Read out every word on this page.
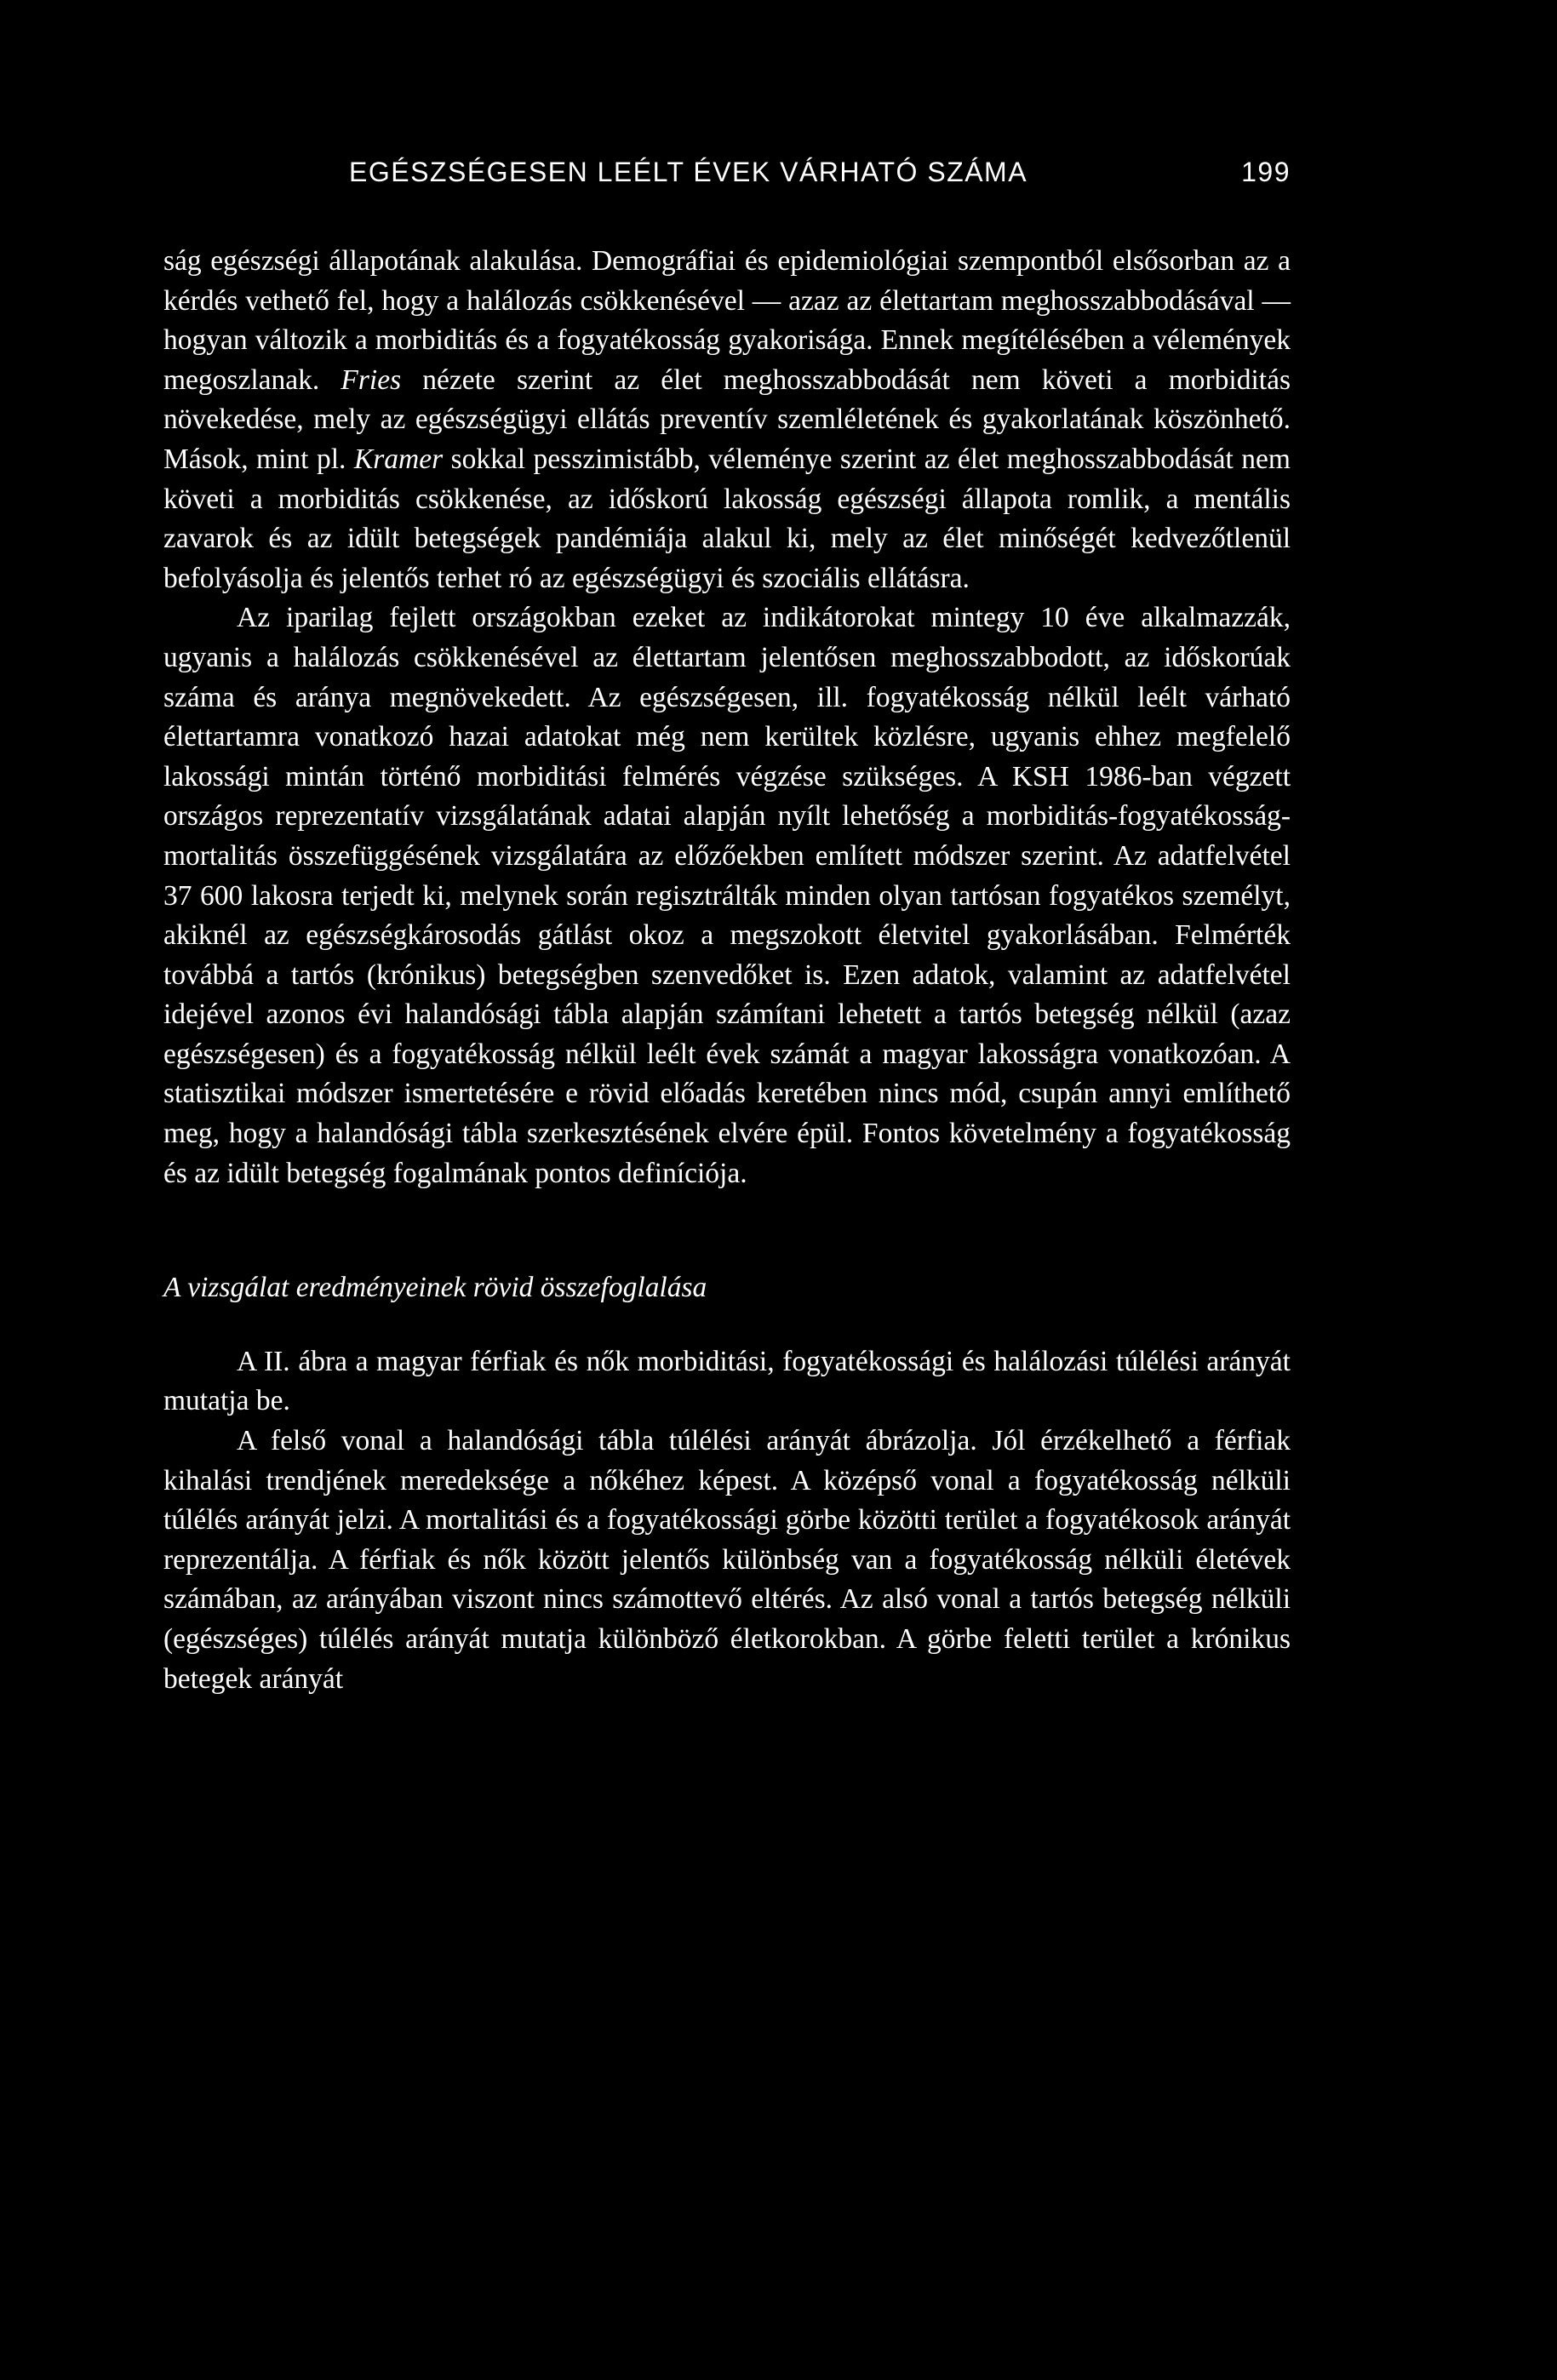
EGÉSZSÉGESEN LEÉLT ÉVEK VÁRHATÓ SZÁMA	199

ság egészségi állapotának alakulása. Demográfiai és epidemiológiai szempontból elsősorban az a kérdés vethető fel, hogy a halálozás csökkenésével — azaz az élettartam meghosszabbodásával — hogyan változik a morbiditás és a fogyatékosság gyakorisága. Ennek megítélésében a vélemények megoszlanak. Fries nézete szerint az élet meghosszabbodását nem követi a morbiditás növekedése, mely az egészségügyi ellátás preventív szemléletének és gyakorlatának köszönhető. Mások, mint pl. Kramer sokkal pesszimistább, véleménye szerint az élet meghosszabbodását nem követi a morbiditás csökkenése, az időskorú lakosság egészségi állapota romlik, a mentális zavarok és az idült betegségek pandémiája alakul ki, mely az élet minőségét kedvezőtlenül befolyásolja és jelentős terhet ró az egészségügyi és szociális ellátásra.

Az iparilag fejlett országokban ezeket az indikátorokat mintegy 10 éve alkalmazzák, ugyanis a halálozás csökkenésével az élettartam jelentősen meghosszabbodott, az időskorúak száma és aránya megnövekedett. Az egészségesen, ill. fogyatékosság nélkül leélt várható élettartamra vonatkozó hazai adatokat még nem kerültek közlésre, ugyanis ehhez megfelelő lakossági mintán történő morbiditási felmérés végzése szükséges. A KSH 1986-ban végzett országos reprezentatív vizsgálatának adatai alapján nyílt lehetőség a morbiditás-fogyatékosság-mortalitás összefüggésének vizsgálatára az előzőekben említett módszer szerint. Az adatfelvétel 37 600 lakosra terjedt ki, melynek során regisztrálták minden olyan tartósan fogyatékos személyt, akiknél az egészségkárosodás gátlást okoz a megszokott életvitel gyakorlásában. Felmérték továbbá a tartós (krónikus) betegségben szenvedőket is. Ezen adatok, valamint az adatfelvétel idejével azonos évi halandósági tábla alapján számítani lehetett a tartós betegség nélkül (azaz egészségesen) és a fogyatékosság nélkül leélt évek számát a magyar lakosságra vonatkozóan. A statisztikai módszer ismertetésére e rövid előadás keretében nincs mód, csupán annyi említhető meg, hogy a halandósági tábla szerkesztésének elvére épül. Fontos követelmény a fogyatékosság és az idült betegség fogalmának pontos definíciója.

A vizsgálat eredményeinek rövid összefoglalása

A II. ábra a magyar férfiak és nők morbiditási, fogyatékossági és halálozási túlélési arányát mutatja be.

A felső vonal a halandósági tábla túlélési arányát ábrázolja. Jól érzékelhető a férfiak kihalási trendjének meredeksége a nőkéhez képest. A középső vonal a fogyatékosság nélküli túlélés arányát jelzi. A mortalitási és a fogyatékossági görbe közötti terület a fogyatékosok arányát reprezentálja. A férfiak és nők között jelentős különbség van a fogyatékosság nélküli életévek számában, az arányában viszont nincs számottevő eltérés. Az alsó vonal a tartós betegség nélküli (egészséges) túlélés arányát mutatja különböző életkorokban. A görbe feletti terület a krónikus betegek arányát
